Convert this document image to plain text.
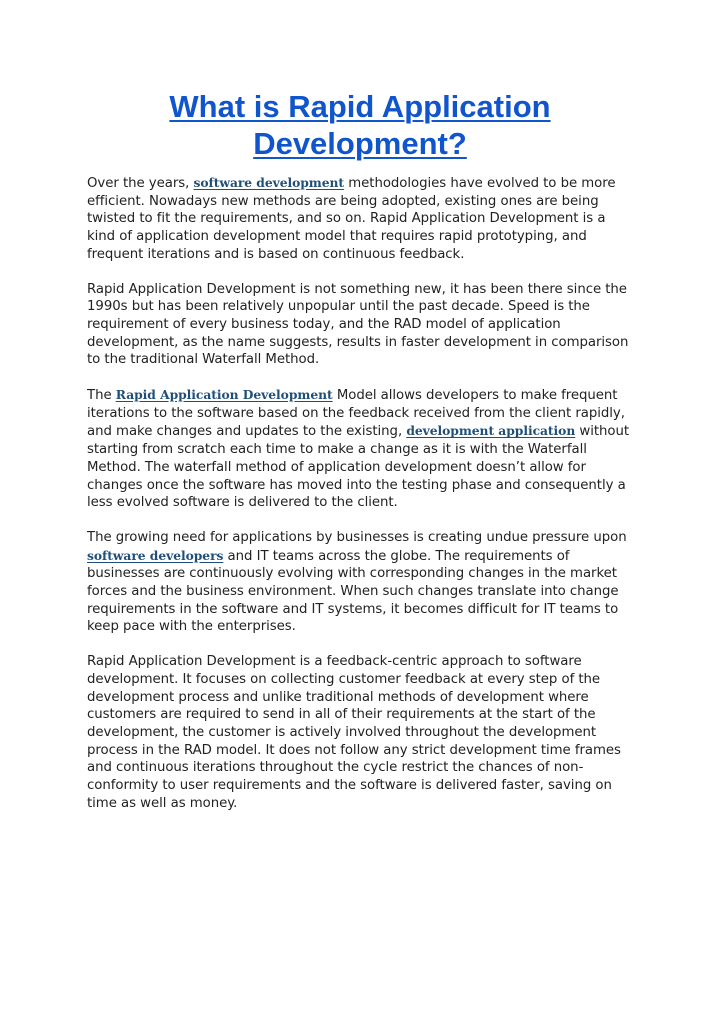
What is Rapid Application Development?

Over the years, software development methodologies have evolved to be more efficient. Nowadays new methods are being adopted, existing ones are being twisted to fit the requirements, and so on. Rapid Application Development is a kind of application development model that requires rapid prototyping, and frequent iterations and is based on continuous feedback.

Rapid Application Development is not something new, it has been there since the 1990s but has been relatively unpopular until the past decade. Speed is the requirement of every business today, and the RAD model of application development, as the name suggests, results in faster development in comparison to the traditional Waterfall Method.

The Rapid Application Development Model allows developers to make frequent iterations to the software based on the feedback received from the client rapidly, and make changes and updates to the existing, development application without starting from scratch each time to make a change as it is with the Waterfall Method. The waterfall method of application development doesn’t allow for changes once the software has moved into the testing phase and consequently a less evolved software is delivered to the client.

The growing need for applications by businesses is creating undue pressure upon software developers and IT teams across the globe. The requirements of businesses are continuously evolving with corresponding changes in the market forces and the business environment. When such changes translate into change requirements in the software and IT systems, it becomes difficult for IT teams to keep pace with the enterprises.

Rapid Application Development is a feedback-centric approach to software development. It focuses on collecting customer feedback at every step of the development process and unlike traditional methods of development where customers are required to send in all of their requirements at the start of the development, the customer is actively involved throughout the development process in the RAD model. It does not follow any strict development time frames and continuous iterations throughout the cycle restrict the chances of non-conformity to user requirements and the software is delivered faster, saving on time as well as money.
